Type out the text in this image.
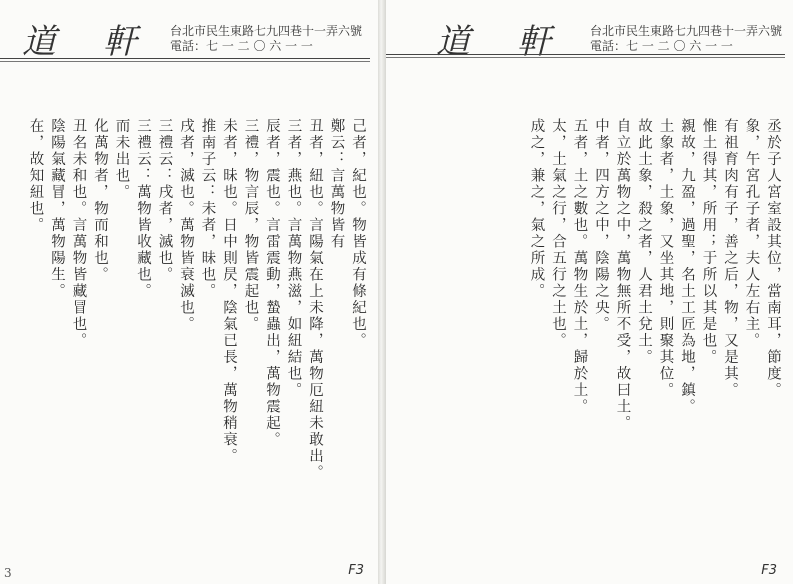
道 軒 台北市民生東路七九四巷十一弄六號
電話：七 一 二 〇 六 一 一
己者，紀也。物皆成有條紀也。
鄭云：言萬物皆有
丑者，紐也。言陽氣在上未降，萬物厄紐未敢出。
三者，燕也。言萬物燕滋，如紐結也。
辰者，震也。言雷震動，蟄蟲出，萬物震起。
三禮，物言辰，物皆震起也。
未者，昧也。日中則昃，陰氣已長，萬物稍衰。
推南子云：未者，昧也。
戌者，滅也。萬物皆衰滅也。
三禮云：戌者，滅也。
三禮云：萬物皆收藏也。
而未出也。
化萬物者，物而和也。
丑名未和也。言萬物皆藏冒也。
陰陽氣藏冒，萬物陽生。
在，故知紐也。
F3
3
道 軒 台北市民生東路七九四巷十一弄六號
電話：七 一 二 〇 六 一 一
丞於子人宮室設其位，當南耳，節度。
象，午宮孔子者，夫人左右主。
有祖育肉有子，善之后，物，又是其。
惟土得其，所用；于所以其是也。
親故，九盈，過聖，名土工匠為地，鎮。
土象者，土象，又坐其地，則聚其位。
故此土象，殺之者，人君土兌土。
自立於萬物之中，萬物無所不受，故曰土。
中者，四方之中，陰陽之央。
五者，土之數也。萬物生於土，歸於土。
太，土氣之行，合五行之土也。
成之，兼之，氣之所成。
F3
